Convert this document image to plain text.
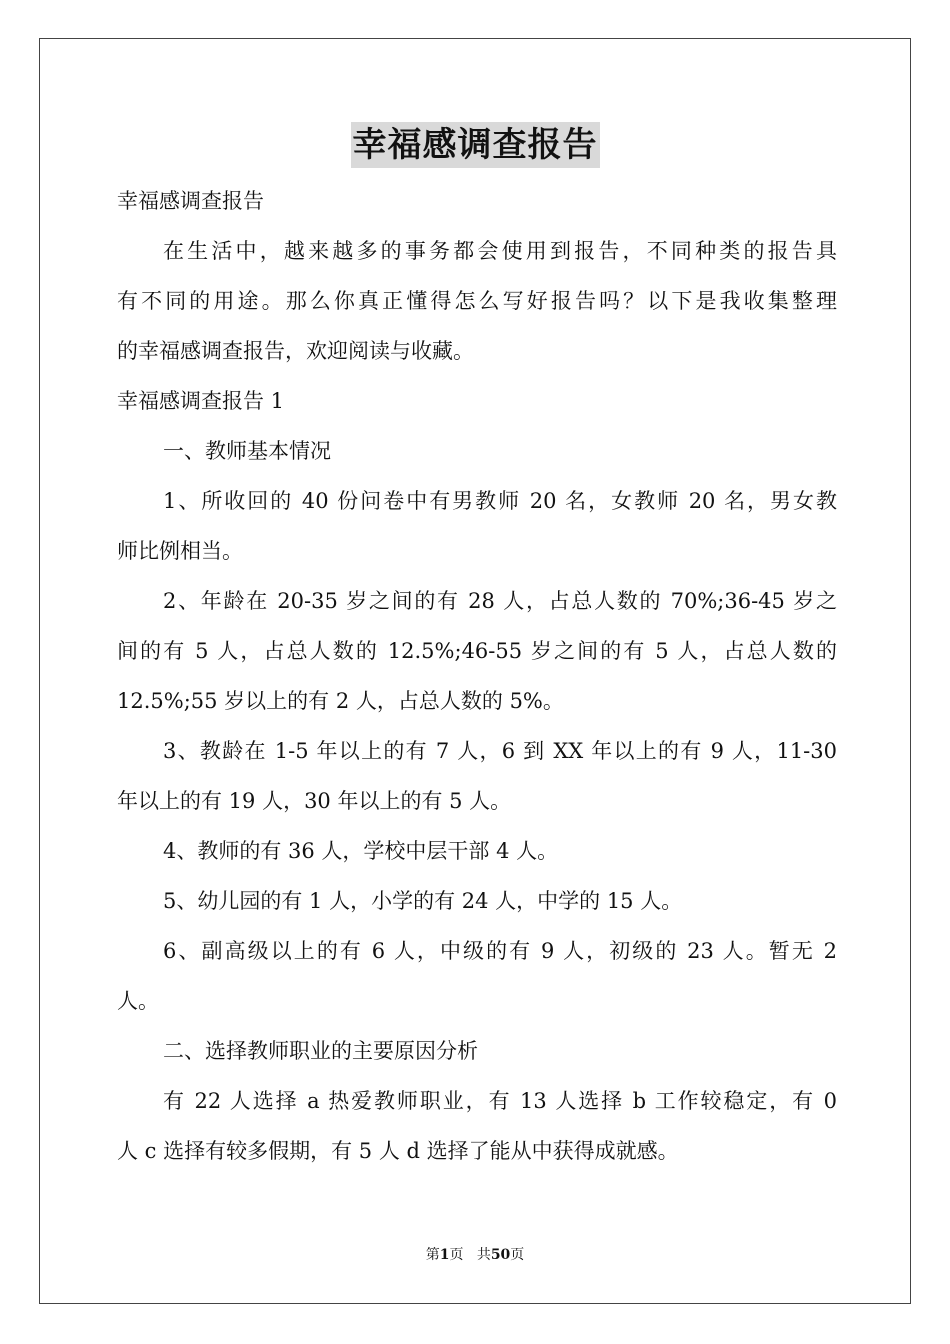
幸福感调查报告
幸福感调查报告
在生活中，越来越多的事务都会使用到报告，不同种类的报告具
有不同的用途。那么你真正懂得怎么写好报告吗？以下是我收集整理
的幸福感调查报告，欢迎阅读与收藏。
幸福感调查报告 1
一、教师基本情况
1、所收回的 40 份问卷中有男教师 20 名，女教师 20 名，男女教
师比例相当。
2、年龄在 20-35 岁之间的有 28 人，占总人数的 70%;36-45 岁之
间的有 5 人，占总人数的 12.5%;46-55 岁之间的有 5 人，占总人数的
12.5%;55 岁以上的有 2 人，占总人数的 5%。
3、教龄在 1-5 年以上的有 7 人，6 到 XX 年以上的有 9 人，11-30
年以上的有 19 人，30 年以上的有 5 人。
4、教师的有 36 人，学校中层干部 4 人。
5、幼儿园的有 1 人，小学的有 24 人，中学的 15 人。
6、副高级以上的有 6 人，中级的有 9 人，初级的 23 人。暂无 2
人。
二、选择教师职业的主要原因分析
有 22 人选择 a 热爱教师职业，有 13 人选择 b 工作较稳定，有 0
人 c 选择有较多假期，有 5 人 d 选择了能从中获得成就感。
第1页 共50页
